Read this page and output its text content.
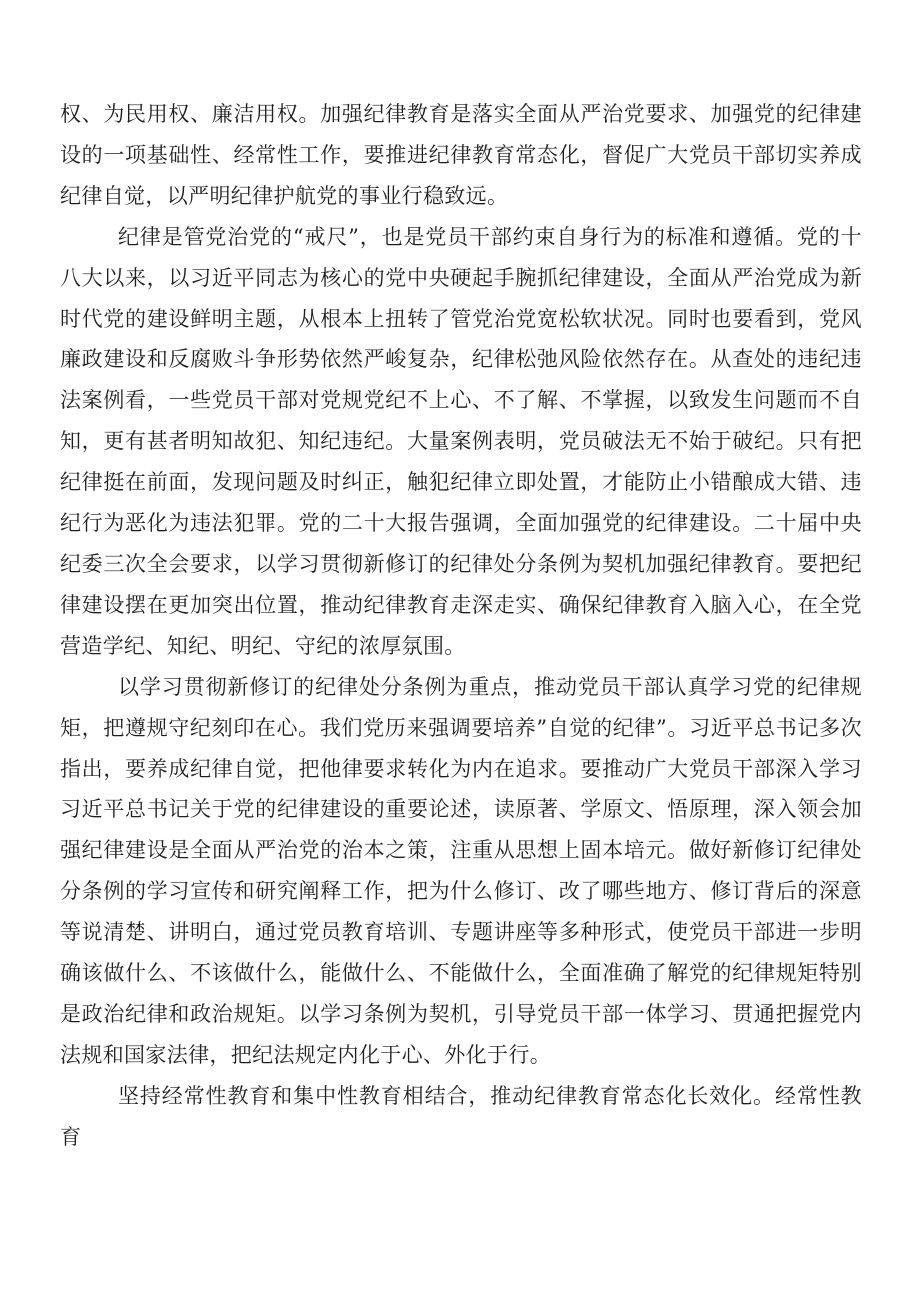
权、为民用权、廉洁用权。加强纪律教育是落实全面从严治党要求、加强党的纪律建设的一项基础性、经常性工作，要推进纪律教育常态化，督促广大党员干部切实养成纪律自觉，以严明纪律护航党的事业行稳致远。

纪律是管党治党的“戒尺”，也是党员干部约束自身行为的标准和遵循。党的十八大以来，以习近平同志为核心的党中央硬起手腕抓纪律建设，全面从严治党成为新时代党的建设鲜明主题，从根本上扭转了管党治党宽松软状况。同时也要看到，党风廉政建设和反腐败斗争形势依然严峻复杂，纪律松弛风险依然存在。从查处的违纪违法案例看，一些党员干部对党规党纪不上心、不了解、不掌握，以致发生问题而不自知，更有甚者明知故犯、知纪违纪。大量案例表明，党员破法无不始于破纪。只有把纪律挺在前面，发现问题及时纠正，触犯纪律立即处置，才能防止小错酿成大错、违纪行为恶化为违法犯罪。党的二十大报告强调，全面加强党的纪律建设。二十届中央纪委三次全会要求，以学习贯彻新修订的纪律处分条例为契机加强纪律教育。要把纪律建设摆在更加突出位置，推动纪律教育走深走实、确保纪律教育入脑入心，在全党营造学纪、知纪、明纪、守纪的浓厚氛围。

以学习贯彻新修订的纪律处分条例为重点，推动党员干部认真学习党的纪律规矩，把遵规守纪刻印在心。我们党历来强调要培养”自觉的纪律”。习近平总书记多次指出，要养成纪律自觉，把他律要求转化为内在追求。要推动广大党员干部深入学习习近平总书记关于党的纪律建设的重要论述，读原著、学原文、悟原理，深入领会加强纪律建设是全面从严治党的治本之策，注重从思想上固本培元。做好新修订纪律处分条例的学习宣传和研究阐释工作，把为什么修订、改了哪些地方、修订背后的深意等说清楚、讲明白，通过党员教育培训、专题讲座等多种形式，使党员干部进一步明确该做什么、不该做什么，能做什么、不能做什么，全面准确了解党的纪律规矩特别是政治纪律和政治规矩。以学习条例为契机，引导党员干部一体学习、贯通把握党内法规和国家法律，把纪法规定内化于心、外化于行。

坚持经常性教育和集中性教育相结合，推动纪律教育常态化长效化。经常性教育
